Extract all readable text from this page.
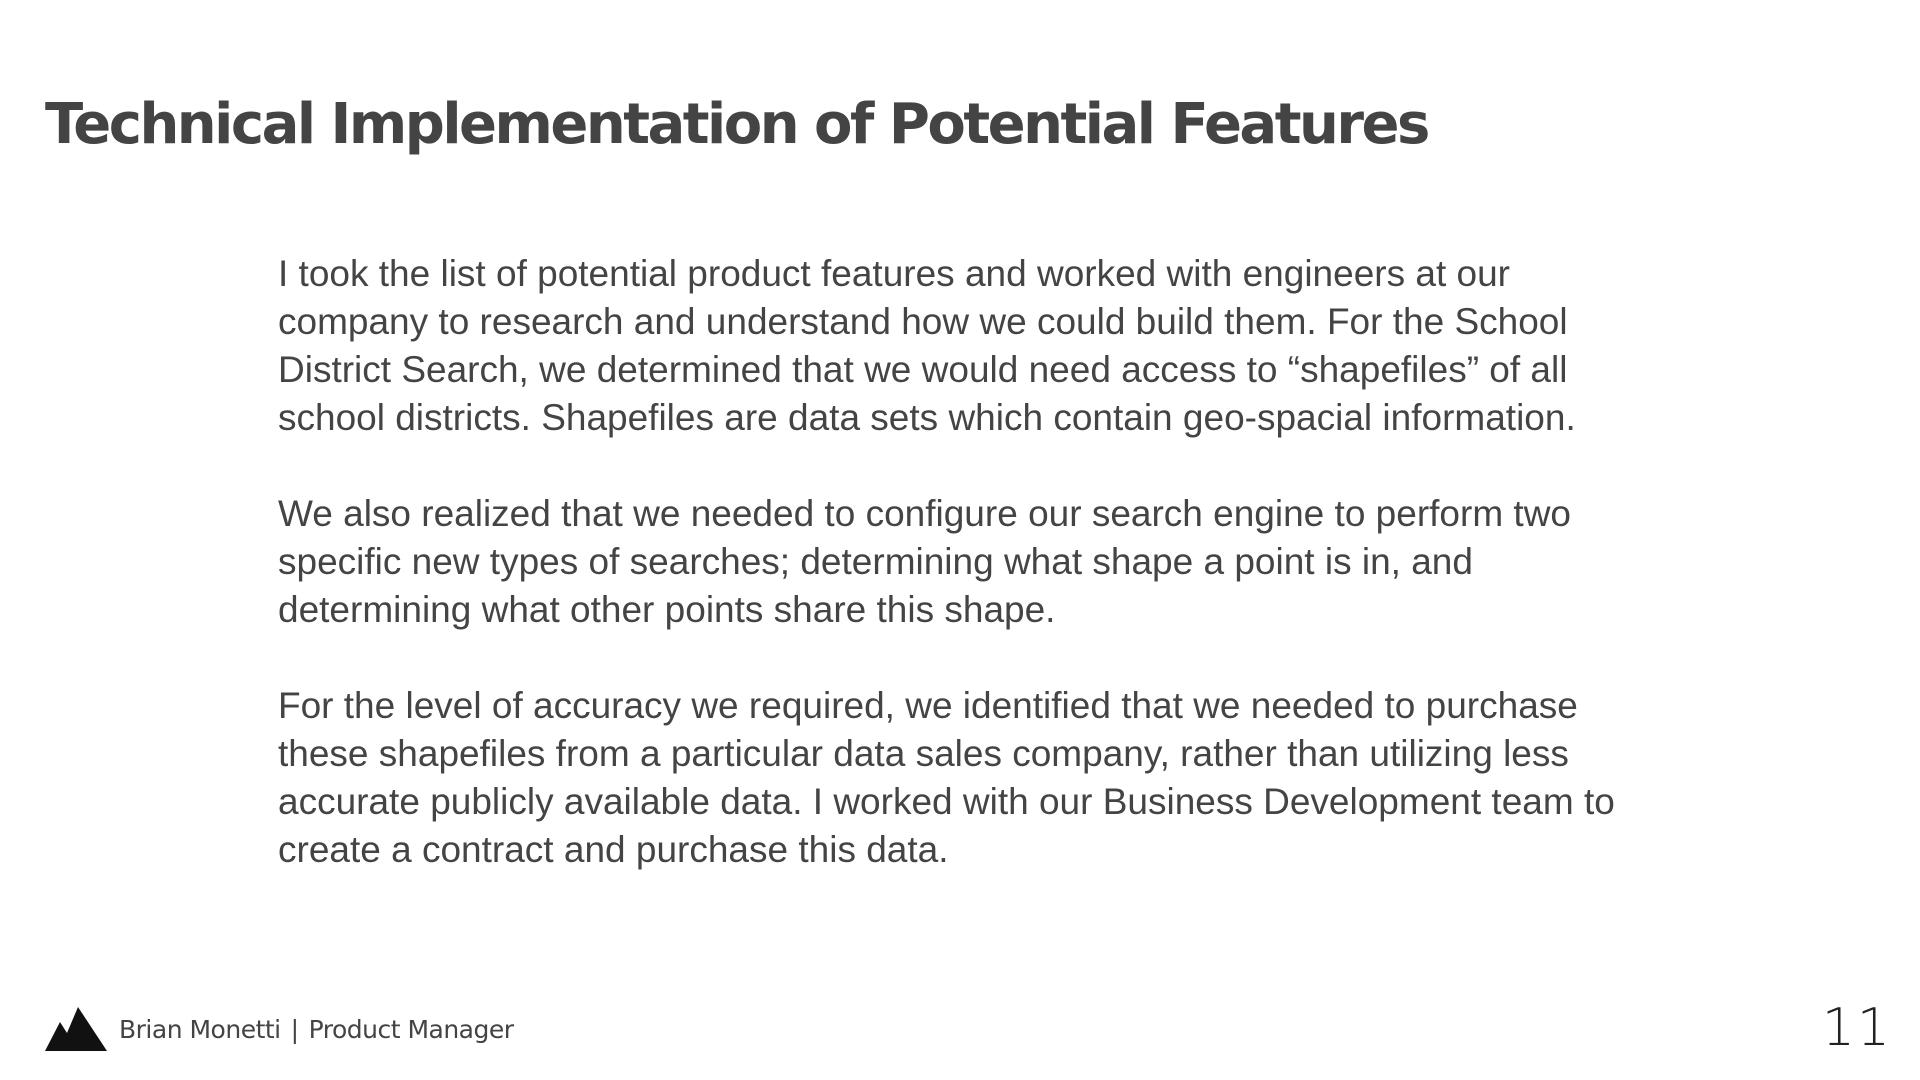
Technical Implementation of Potential Features

I took the list of potential product features and worked with engineers at our company to research and understand how we could build them. For the School District Search, we determined that we would need access to “shapefiles” of all school districts. Shapefiles are data sets which contain geo-spacial information.

We also realized that we needed to configure our search engine to perform two specific new types of searches; determining what shape a point is in, and determining what other points share this shape.

For the level of accuracy we required, we identified that we needed to purchase these shapefiles from a particular data sales company, rather than utilizing less accurate publicly available data. I worked with our Business Development team to create a contract and purchase this data.

Brian Monetti | Product Manager	11
